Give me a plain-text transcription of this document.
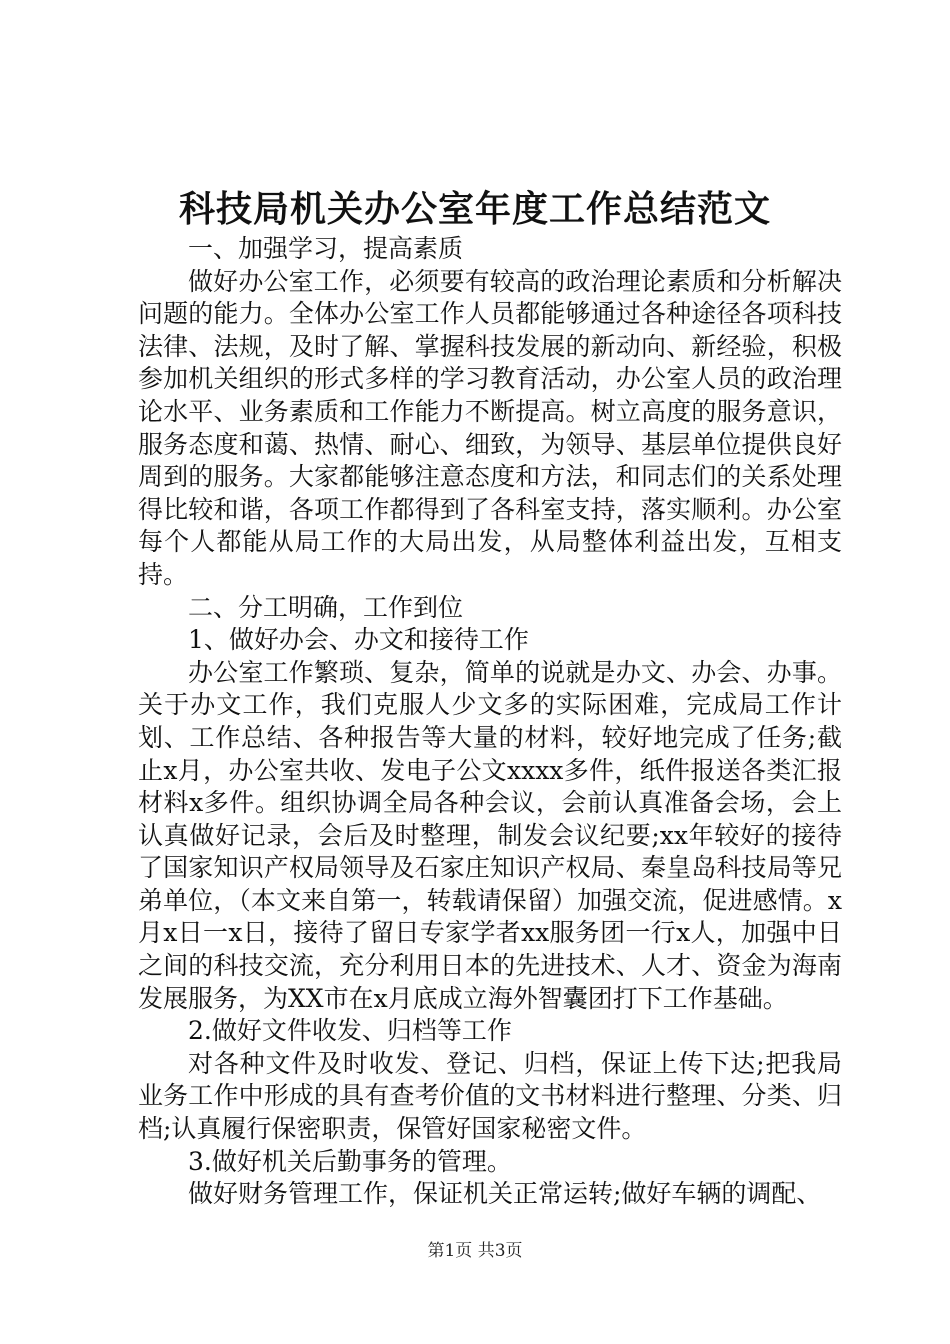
科技局机关办公室年度工作总结范文

一、加强学习，提高素质

做好办公室工作，必须要有较高的政治理论素质和分析解决问题的能力。全体办公室工作人员都能够通过各种途径各项科技法律、法规，及时了解、掌握科技发展的新动向、新经验，积极参加机关组织的形式多样的学习教育活动，办公室人员的政治理论水平、业务素质和工作能力不断提高。树立高度的服务意识，服务态度和蔼、热情、耐心、细致，为领导、基层单位提供良好周到的服务。大家都能够注意态度和方法，和同志们的关系处理得比较和谐，各项工作都得到了各科室支持，落实顺利。办公室每个人都能从局工作的大局出发，从局整体利益出发，互相支持。

二、分工明确，工作到位

1、做好办会、办文和接待工作

办公室工作繁琐、复杂，简单的说就是办文、办会、办事。关于办文工作，我们克服人少文多的实际困难，完成局工作计划、工作总结、各种报告等大量的材料，较好地完成了任务;截止x月，办公室共收、发电子公文xxxx多件，纸件报送各类汇报材料x多件。组织协调全局各种会议，会前认真准备会场，会上认真做好记录，会后及时整理，制发会议纪要;xx年较好的接待了国家知识产权局领导及石家庄知识产权局、秦皇岛科技局等兄弟单位，（本文来自第一，转载请保留）加强交流，促进感情。x月x日一x日，接待了留日专家学者xx服务团一行x人，加强中日之间的科技交流，充分利用日本的先进技术、人才、资金为海南发展服务，为XX市在x月底成立海外智囊团打下工作基础。

2.做好文件收发、归档等工作

对各种文件及时收发、登记、归档，保证上传下达;把我局业务工作中形成的具有查考价值的文书材料进行整理、分类、归档;认真履行保密职责，保管好国家秘密文件。

3.做好机关后勤事务的管理。

做好财务管理工作，保证机关正常运转;做好车辆的调配、

第1页 共3页
